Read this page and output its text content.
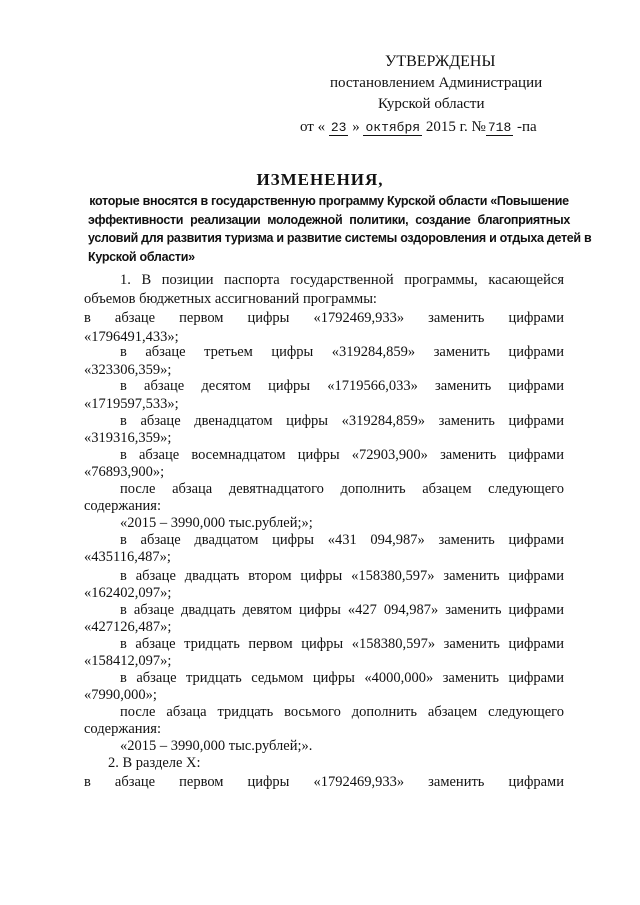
УТВЕРЖДЕНЫ
постановлением Администрации
Курской области
от « 23 » октября 2015 г. № 718 -па
ИЗМЕНЕНИЯ,
которые вносятся в государственную программу Курской области «Повышение
эффективности реализации молодежной политики, создание благоприятных
условий для развития туризма и развитие системы оздоровления и отдыха детей в
Курской области»
1. В позиции паспорта государственной программы, касающейся
объемов бюджетных ассигнований программы:
в абзаце первом цифры «1792469,933» заменить цифрами
«1796491,433»;
в абзаце третьем цифры «319284,859» заменить цифрами
«323306,359»;
в абзаце десятом цифры «1719566,033» заменить цифрами
«1719597,533»;
в абзаце двенадцатом цифры «319284,859» заменить цифрами
«319316,359»;
в абзаце восемнадцатом цифры «72903,900» заменить цифрами
«76893,900»;
после абзаца девятнадцатого дополнить абзацем следующего
содержания:
«2015 – 3990,000 тыс.рублей;»;
в абзаце двадцатом цифры «431 094,987» заменить цифрами
«435116,487»;
в абзаце двадцать втором цифры «158380,597» заменить цифрами
«162402,097»;
в абзаце двадцать девятом цифры «427 094,987» заменить цифрами
«427126,487»;
в абзаце тридцать первом цифры «158380,597» заменить цифрами
«158412,097»;
в абзаце тридцать седьмом цифры «4000,000» заменить цифрами
«7990,000»;
после абзаца тридцать восьмого дополнить абзацем следующего
содержания:
«2015 – 3990,000 тыс.рублей;».
2. В разделе X:
в абзаце первом цифры «1792469,933» заменить цифрами
